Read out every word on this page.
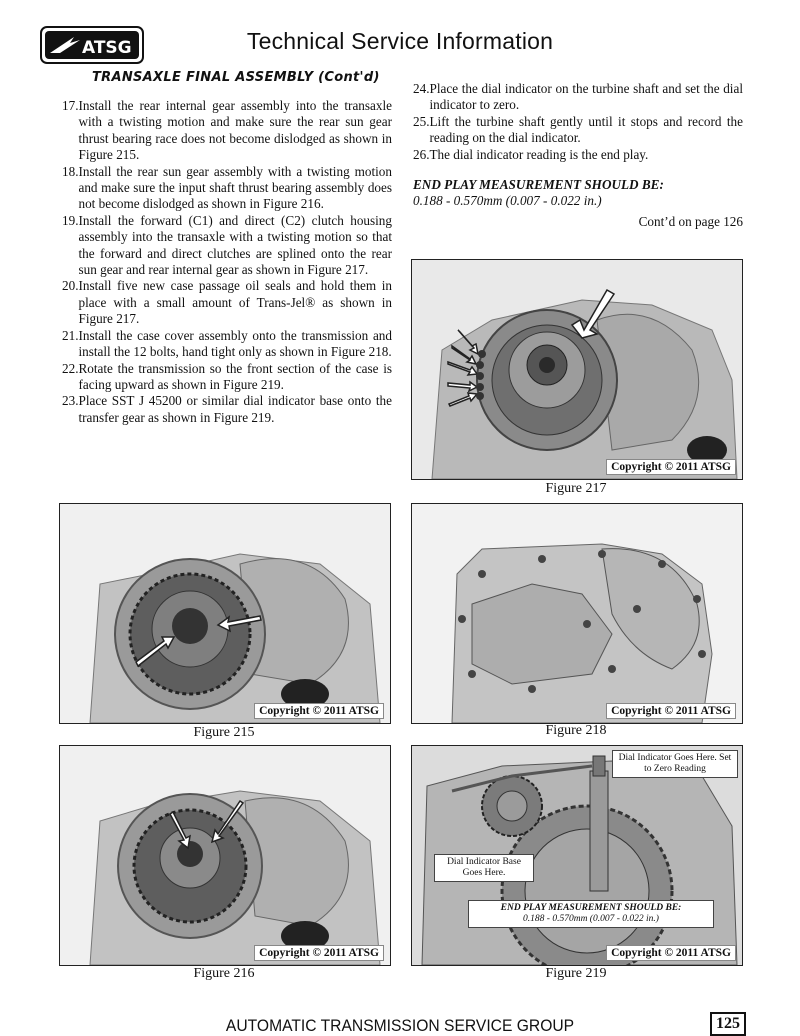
ATSG	Technical Service Information
TRANSAXLE FINAL ASSEMBLY (Cont'd)
17. Install the rear internal gear assembly into the transaxle with a twisting motion and make sure the rear sun gear thrust bearing race does not become dislodged as shown in Figure 215.
18. Install the rear sun gear assembly with a twisting motion and make sure the input shaft thrust bearing assembly does not become dislodged as shown in Figure 216.
19. Install the forward (C1) and direct (C2) clutch housing assembly into the transaxle with a twisting motion so that the forward and direct clutches are splined onto the rear sun gear and rear internal gear as shown in Figure 217.
20. Install five new case passage oil seals and hold them in place with a small amount of Trans-Jel® as shown in Figure 217.
21. Install the case cover assembly onto the transmission and install the 12 bolts, hand tight only as shown in Figure 218.
22. Rotate the transmission so the front section of the case is facing upward as shown in Figure 219.
23. Place SST J 45200 or similar dial indicator base onto the transfer gear as shown in Figure 219.
24. Place the dial indicator on the turbine shaft and set the dial indicator to zero.
25. Lift the turbine shaft gently until it stops and record the reading on the dial indicator.
26. The dial indicator reading is the end play.

END PLAY MEASUREMENT SHOULD BE:

0.188 - 0.570mm (0.007 - 0.022 in.)

Cont’d on page 126

Copyright © 2011 ATSG
Figure 217
Copyright © 2011 ATSG
Figure 215
Copyright © 2011 ATSG
Figure 218
Copyright © 2011 ATSG
Figure 216
Dial Indicator Goes Here. Set to Zero Reading
Dial Indicator Base Goes Here.
END PLAY MEASUREMENT SHOULD BE:
0.188 - 0.570mm (0.007 - 0.022 in.)
Copyright © 2011 ATSG
Figure 219
AUTOMATIC TRANSMISSION SERVICE GROUP	125
